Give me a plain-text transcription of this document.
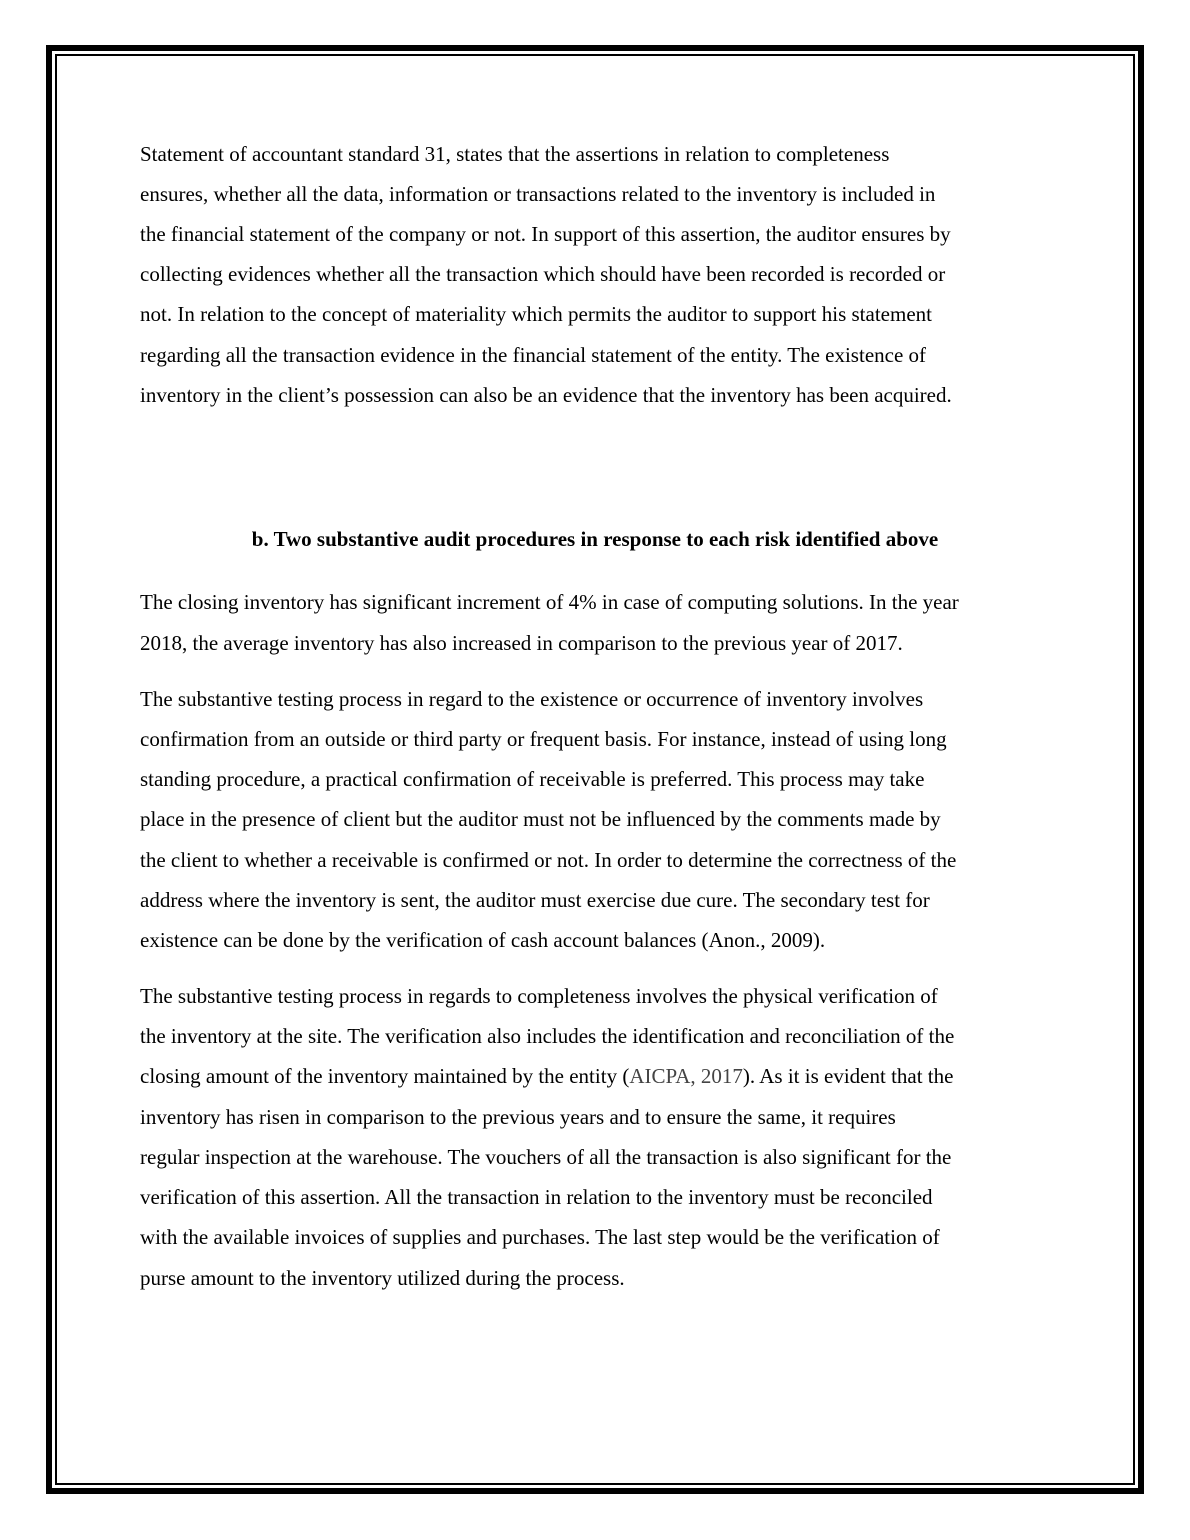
Statement of accountant standard 31, states that the assertions in relation to completeness

ensures, whether all the data, information or transactions related to the inventory is included in

the financial statement of the company or not. In support of this assertion, the auditor ensures by

collecting evidences whether all the transaction which should have been recorded is recorded or

not. In relation to the concept of materiality which permits the auditor to support his statement

regarding all the transaction evidence in the financial statement of the entity. The existence of

inventory in the client’s possession can also be an evidence that the inventory has been acquired.

b. Two substantive audit procedures in response to each risk identified above

The closing inventory has significant increment of 4% in case of computing solutions. In the year

2018, the average inventory has also increased in comparison to the previous year of 2017.

The substantive testing process in regard to the existence or occurrence of inventory involves

confirmation from an outside or third party or frequent basis. For instance, instead of using long

standing procedure, a practical confirmation of receivable is preferred. This process may take

place in the presence of client but the auditor must not be influenced by the comments made by

the client to whether a receivable is confirmed or not. In order to determine the correctness of the

address where the inventory is sent, the auditor must exercise due cure. The secondary test for

existence can be done by the verification of cash account balances (Anon., 2009).

The substantive testing process in regards to completeness involves the physical verification of

the inventory at the site. The verification also includes the identification and reconciliation of the

closing amount of the inventory maintained by the entity (AICPA, 2017). As it is evident that the

inventory has risen in comparison to the previous years and to ensure the same, it requires

regular inspection at the warehouse. The vouchers of all the transaction is also significant for the

verification of this assertion. All the transaction in relation to the inventory must be reconciled

with the available invoices of supplies and purchases. The last step would be the verification of

purse amount to the inventory utilized during the process.
